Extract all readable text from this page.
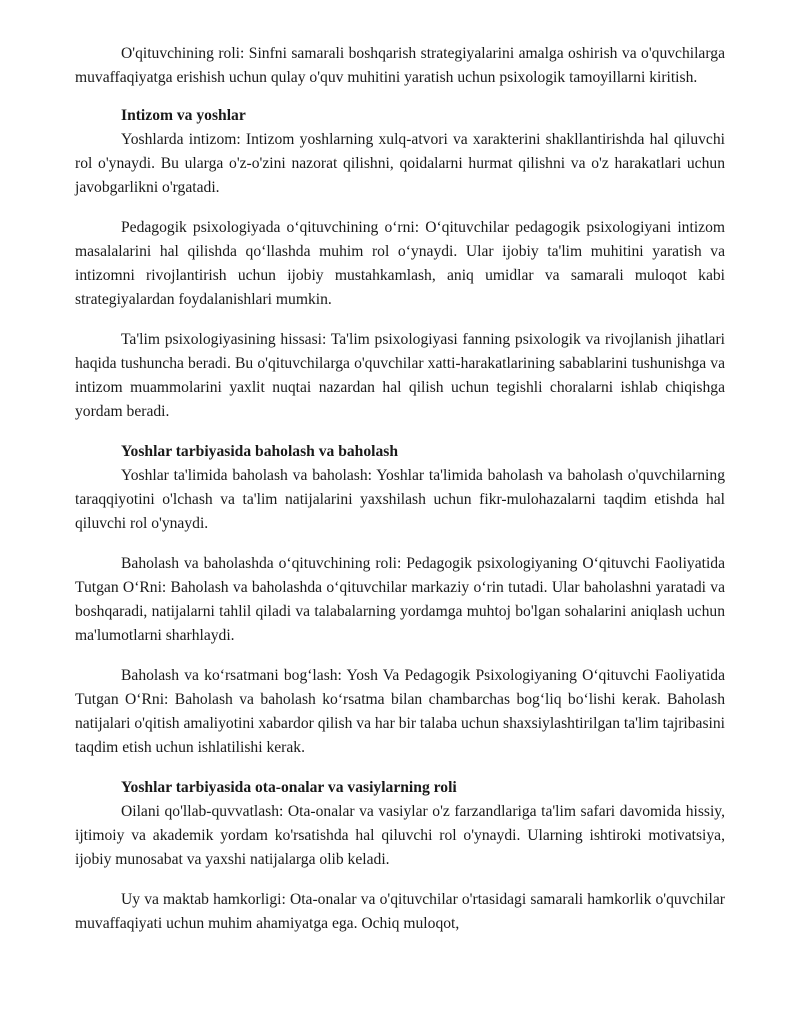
O'qituvchining roli: Sinfni samarali boshqarish strategiyalarini amalga oshirish va o'quvchilarga muvaffaqiyatga erishish uchun qulay o'quv muhitini yaratish uchun psixologik tamoyillarni kiritish.

Intizom va yoshlar

Yoshlarda intizom: Intizom yoshlarning xulq-atvori va xarakterini shakllantirishda hal qiluvchi rol o'ynaydi. Bu ularga o'z-o'zini nazorat qilishni, qoidalarni hurmat qilishni va o'z harakatlari uchun javobgarlikni o'rgatadi.

Pedagogik psixologiyada o‘qituvchining o‘rni: O‘qituvchilar pedagogik psixologiyani intizom masalalarini hal qilishda qo‘llashda muhim rol o‘ynaydi. Ular ijobiy ta'lim muhitini yaratish va intizomni rivojlantirish uchun ijobiy mustahkamlash, aniq umidlar va samarali muloqot kabi strategiyalardan foydalanishlari mumkin.

Ta'lim psixologiyasining hissasi: Ta'lim psixologiyasi fanning psixologik va rivojlanish jihatlari haqida tushuncha beradi. Bu o'qituvchilarga o'quvchilar xatti-harakatlarining sabablarini tushunishga va intizom muammolarini yaxlit nuqtai nazardan hal qilish uchun tegishli choralarni ishlab chiqishga yordam beradi.

Yoshlar tarbiyasida baholash va baholash

Yoshlar ta'limida baholash va baholash: Yoshlar ta'limida baholash va baholash o'quvchilarning taraqqiyotini o'lchash va ta'lim natijalarini yaxshilash uchun fikr-mulohazalarni taqdim etishda hal qiluvchi rol o'ynaydi.

Baholash va baholashda o‘qituvchining roli: Pedagogik psixologiyaning O‘qituvchi Faoliyatida Tutgan O‘Rni: Baholash va baholashda o‘qituvchilar markaziy o‘rin tutadi. Ular baholashni yaratadi va boshqaradi, natijalarni tahlil qiladi va talabalarning yordamga muhtoj bo'lgan sohalarini aniqlash uchun ma'lumotlarni sharhlaydi.

Baholash va ko‘rsatmani bog‘lash: Yosh Va Pedagogik Psixologiyaning O‘qituvchi Faoliyatida Tutgan O‘Rni: Baholash va baholash ko‘rsatma bilan chambarchas bog‘liq bo‘lishi kerak. Baholash natijalari o'qitish amaliyotini xabardor qilish va har bir talaba uchun shaxsiylashtirilgan ta'lim tajribasini taqdim etish uchun ishlatilishi kerak.

Yoshlar tarbiyasida ota-onalar va vasiylarning roli

Oilani qo'llab-quvvatlash: Ota-onalar va vasiylar o'z farzandlariga ta'lim safari davomida hissiy, ijtimoiy va akademik yordam ko'rsatishda hal qiluvchi rol o'ynaydi. Ularning ishtiroki motivatsiya, ijobiy munosabat va yaxshi natijalarga olib keladi.

Uy va maktab hamkorligi: Ota-onalar va o'qituvchilar o'rtasidagi samarali hamkorlik o'quvchilar muvaffaqiyati uchun muhim ahamiyatga ega. Ochiq muloqot,
